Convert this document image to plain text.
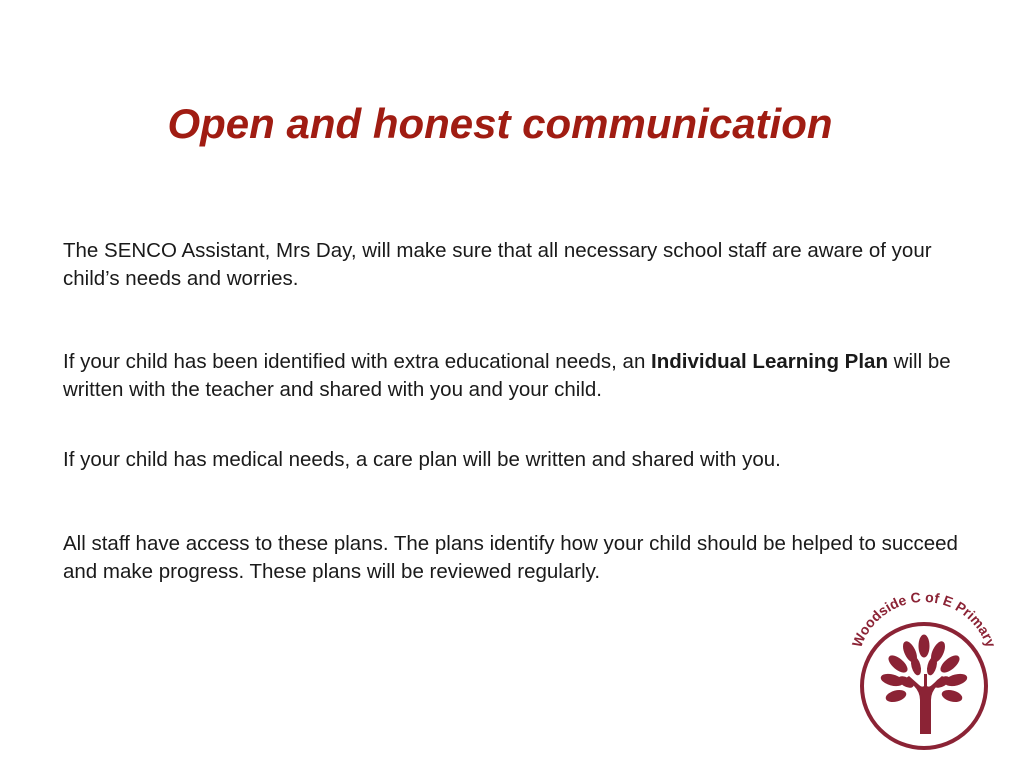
Open and honest communication

The SENCO Assistant, Mrs Day, will make sure that all necessary school staff are aware of your child’s needs and worries.

If your child has been identified with extra educational needs, an Individual Learning Plan will be written with the teacher and shared with you and your child.

If your child has medical needs, a care plan will be written and shared with you.

All staff have access to these plans. The plans identify how your child should be helped to succeed and make progress. These plans will be reviewed regularly.

Woodside C of E Primary
